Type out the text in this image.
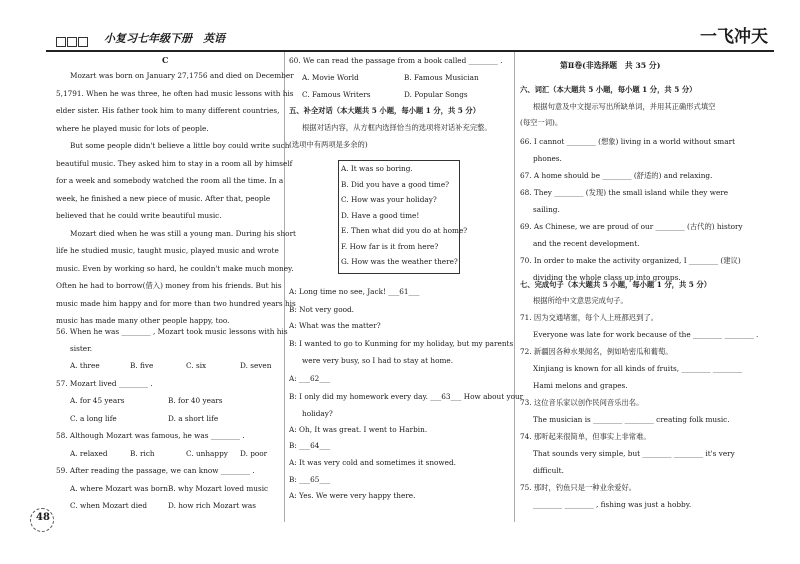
小复习七年级下册　英语	一飞冲天
C
48
Mozart was born on January 27,1756 and died on December
5,1791. When he was three, he often had music lessons with his
elder sister. His father took him to many different countries,
where he played music for lots of people.
But some people didn't believe a little boy could write such
beautiful music. They asked him to stay in a room all by himself
for a week and somebody watched the room all the time. In a
week, he finished a new piece of music. After that, people
believed that he could write beautiful music.
Mozart died when he was still a young man. During his short
life he studied music, taught music, played music and wrote
music. Even by working so hard, he couldn't make much money.
Often he had to borrow(借入) money from his friends. But his
music made him happy and for more than two hundred years his
music has made many other people happy, too.
56. When he was ________ , Mozart took music lessons with his
sister.
A. three	B. five	C. six	D. seven
57. Mozart lived ________ .
A. for 45 years	B. for 40 years
C. a long life	D. a short life
58. Although Mozart was famous, he was ________ .
A. relaxed	B. rich	C. unhappy D. poor
59. After reading the passage, we can know ________ .
A. where Mozart was born B. why Mozart loved music
C. when Mozart died	D. how rich Mozart was
60. We can read the passage from a book called ________ .
A. Movie World	B. Famous Musician
C. Famous Writers	D. Popular Songs
五、补全对话（本大题共 5 小题，每小题 1 分，共 5 分）
根据对话内容，从方框内选择恰当的选项将对话补充完整。
(选项中有两项是多余的)
A. It was so boring.
B. Did you have a good time?
C. How was your holiday?
D. Have a good time!
E. Then what did you do at home?
F. How far is it from here?
G. How was the weather there?
A: Long time no see, Jack! ___61___
B: Not very good.
A: What was the matter?
B: I wanted to go to Kunming for my holiday, but my parents
were very busy, so I had to stay at home.
A: ___62___
B: I only did my homework every day. ___63___ How about your
holiday?
A: Oh, It was great. I went to Harbin.
B: ___64___
A: It was very cold and sometimes it snowed.
B: ___65___
A: Yes. We were very happy there.
第Ⅱ卷(非选择题　共 35 分)
六、词汇（本大题共 5 小题，每小题 1 分，共 5 分）
根据句意及中文提示写出所缺单词，并用其正确形式填空
(每空一词)。
66. I cannot ________ (想象) living in a world without smart
phones.
67. A home should be ________ (舒适的) and relaxing.
68. They ________ (发现) the small island while they were
sailing.
69. As Chinese, we are proud of our ________ (古代的) history
and the recent development.
70. In order to make the activity organized, I ________ (建议)
dividing the whole class up into groups.
七、完成句子（本大题共 5 小题，每小题 1 分，共 5 分）
根据所给中文意思完成句子。
71. 因为交通堵塞，每个人上班都迟到了。
Everyone was late for work because of the ________ ________ .
72. 新疆因各种水果闻名，例如哈密瓜和葡萄。
Xinjiang is known for all kinds of fruits, ________ ________
Hami melons and grapes.
73. 这位音乐家以创作民间音乐出名。
The musician is ________ ________ creating folk music.
74. 那听起来很简单，但事实上非常难。
That sounds very simple, but ________ ________ it's very
difficult.
75. 那时，钓鱼只是一种业余爱好。
________ ________ , fishing was just a hobby.
